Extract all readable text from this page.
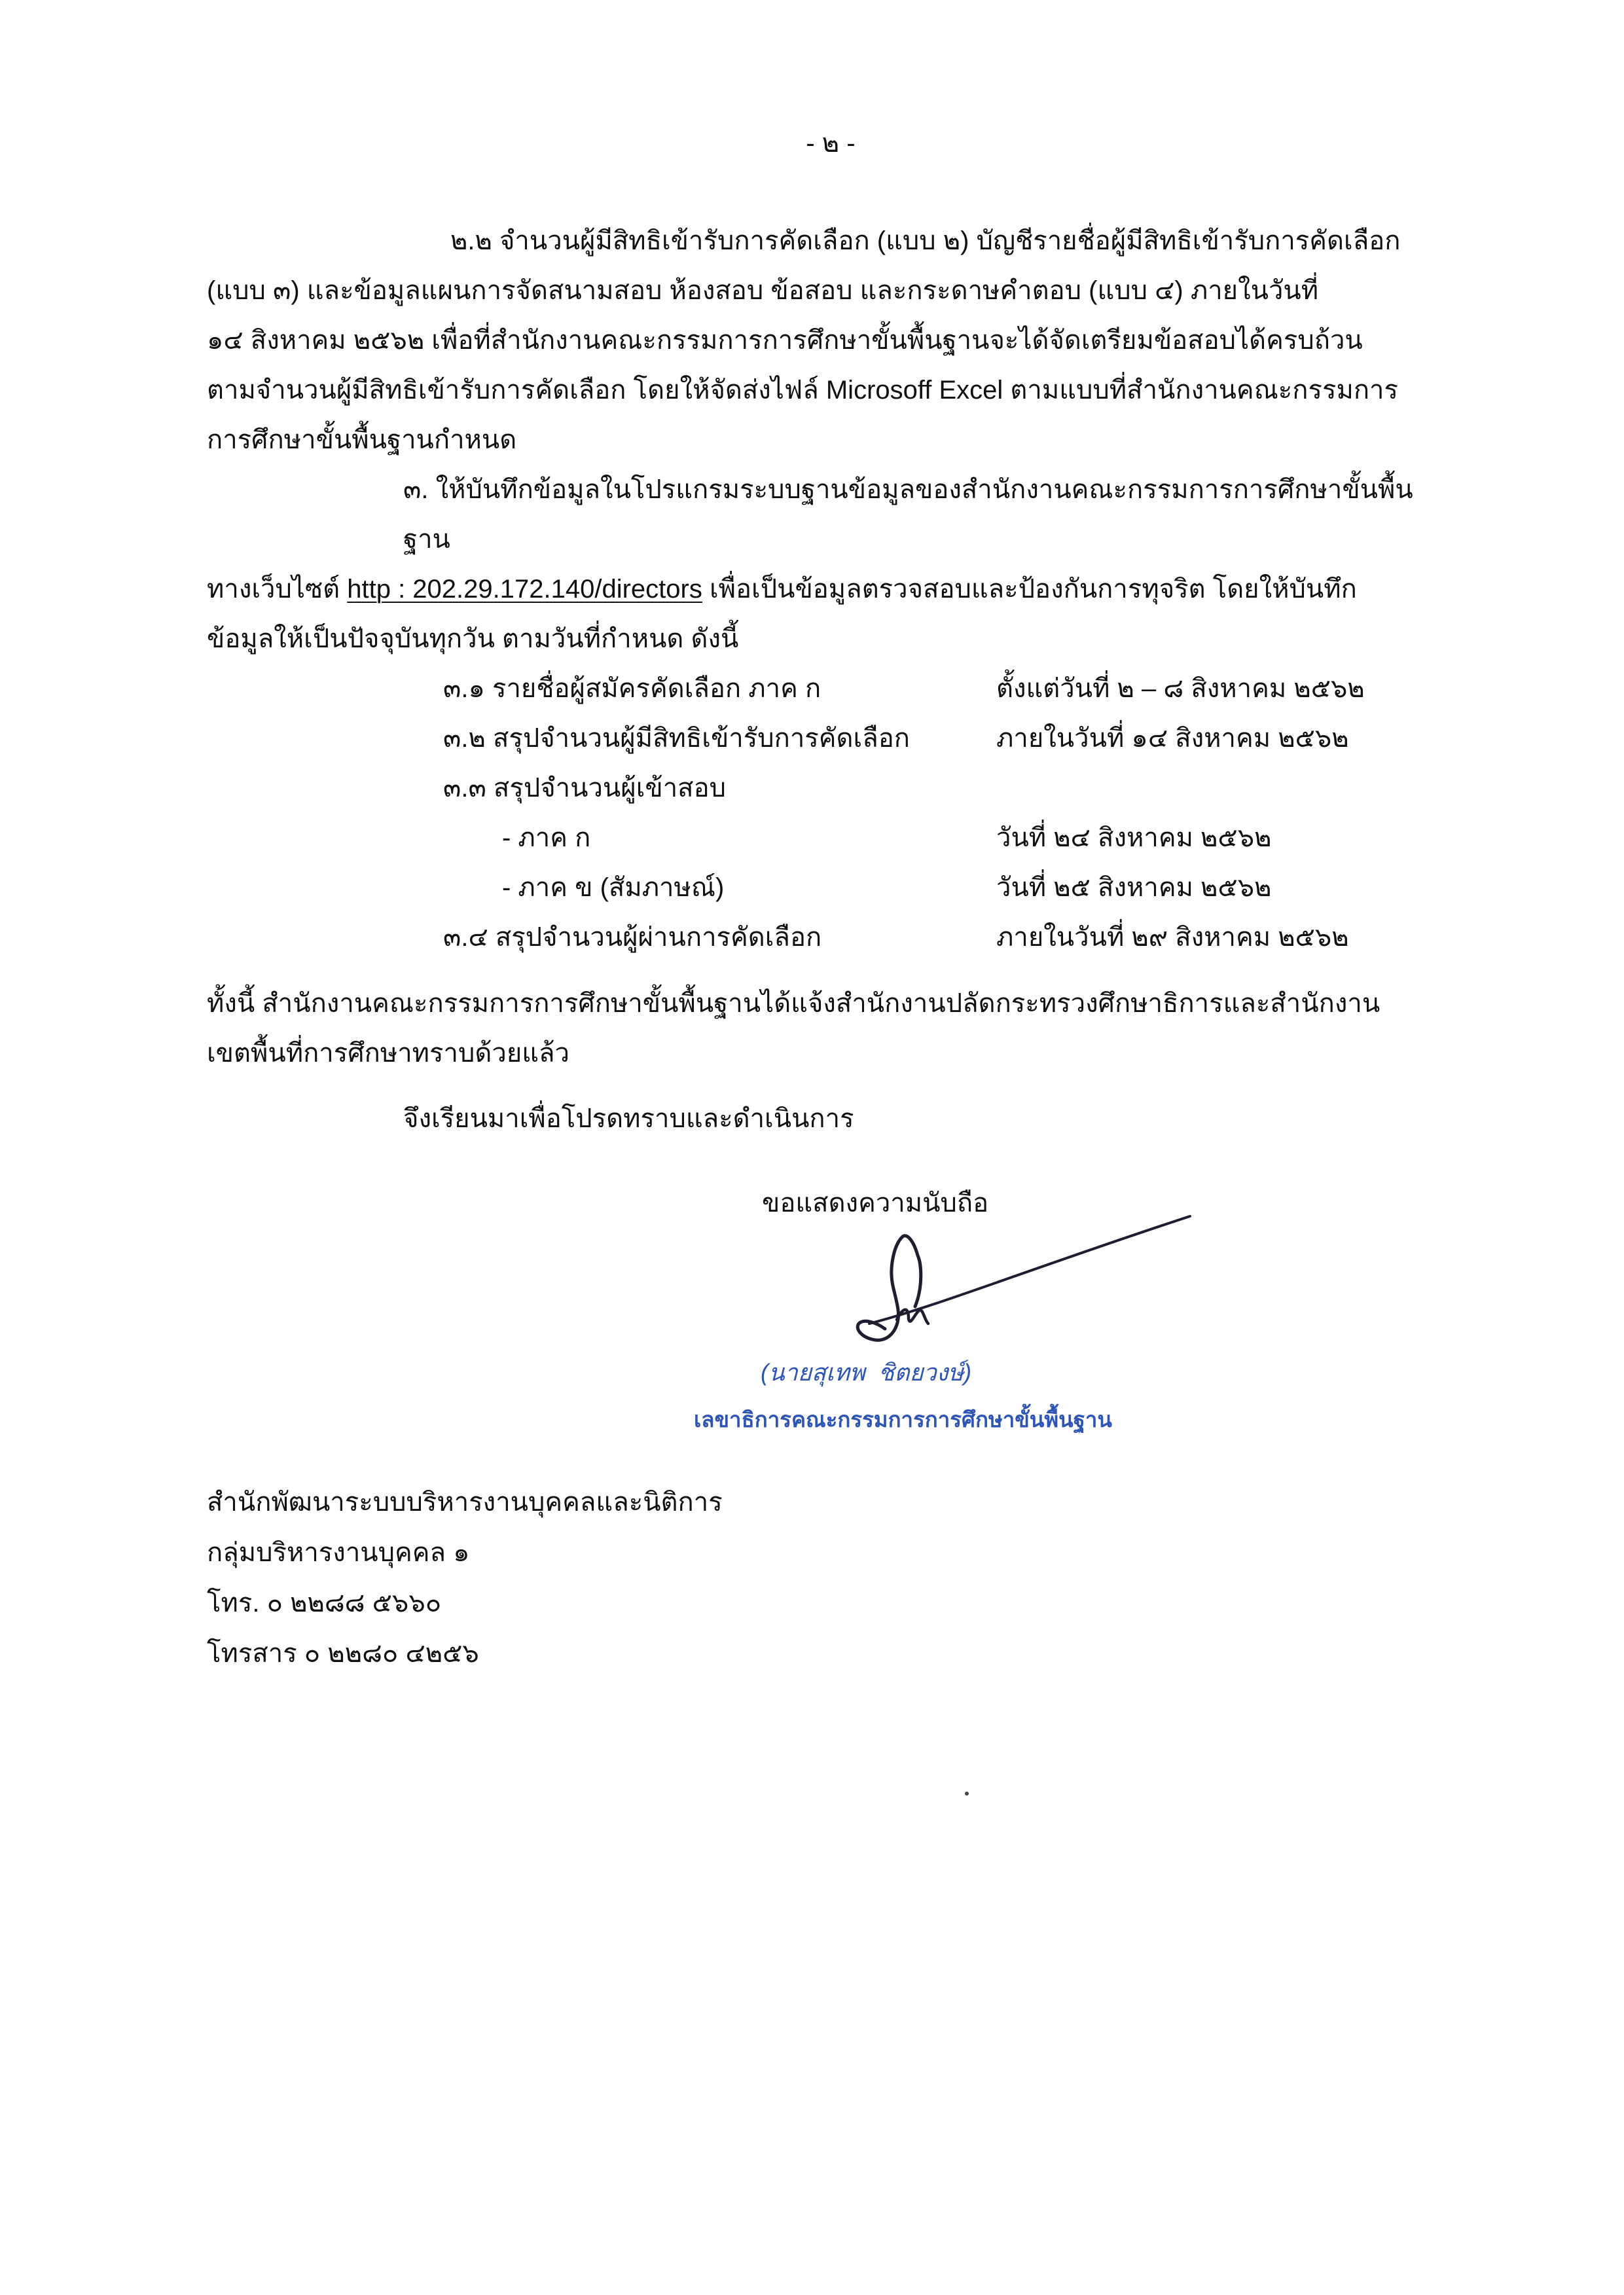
- ๒ -
๒.๒ จำนวนผู้มีสิทธิเข้ารับการคัดเลือก (แบบ ๒) บัญชีรายชื่อผู้มีสิทธิเข้ารับการคัดเลือก
(แบบ ๓) และข้อมูลแผนการจัดสนามสอบ ห้องสอบ ข้อสอบ และกระดาษคำตอบ (แบบ ๔) ภายในวันที่
๑๔ สิงหาคม ๒๕๖๒ เพื่อที่สำนักงานคณะกรรมการการศึกษาขั้นพื้นฐานจะได้จัดเตรียมข้อสอบได้ครบถ้วน
ตามจำนวนผู้มีสิทธิเข้ารับการคัดเลือก โดยให้จัดส่งไฟล์ Microsoff Excel ตามแบบที่สำนักงานคณะกรรมการ
การศึกษาขั้นพื้นฐานกำหนด
๓. ให้บันทึกข้อมูลในโปรแกรมระบบฐานข้อมูลของสำนักงานคณะกรรมการการศึกษาขั้นพื้นฐาน
ทางเว็บไซต์ http : 202.29.172.140/directors เพื่อเป็นข้อมูลตรวจสอบและป้องกันการทุจริต โดยให้บันทึก
ข้อมูลให้เป็นปัจจุบันทุกวัน ตามวันที่กำหนด ดังนี้
๓.๑ รายชื่อผู้สมัครคัดเลือก ภาค ก	ตั้งแต่วันที่ ๒ – ๘ สิงหาคม ๒๕๖๒
๓.๒ สรุปจำนวนผู้มีสิทธิเข้ารับการคัดเลือก	ภายในวันที่ ๑๔ สิงหาคม ๒๕๖๒
๓.๓ สรุปจำนวนผู้เข้าสอบ
- ภาค ก	วันที่ ๒๔ สิงหาคม ๒๕๖๒
- ภาค ข (สัมภาษณ์)	วันที่ ๒๕ สิงหาคม ๒๕๖๒
๓.๔ สรุปจำนวนผู้ผ่านการคัดเลือก	ภายในวันที่ ๒๙ สิงหาคม ๒๕๖๒
ทั้งนี้ สำนักงานคณะกรรมการการศึกษาขั้นพื้นฐานได้แจ้งสำนักงานปลัดกระทรวงศึกษาธิการและสำนักงาน
เขตพื้นที่การศึกษาทราบด้วยแล้ว
จึงเรียนมาเพื่อโปรดทราบและดำเนินการ
ขอแสดงความนับถือ
(นายสุเทพ  ชิตยวงษ์)
เลขาธิการคณะกรรมการการศึกษาขั้นพื้นฐาน
สำนักพัฒนาระบบบริหารงานบุคคลและนิติการ
กลุ่มบริหารงานบุคคล ๑
โทร. ๐ ๒๒๘๘ ๕๖๖๐
โทรสาร ๐ ๒๒๘๐ ๔๒๕๖
